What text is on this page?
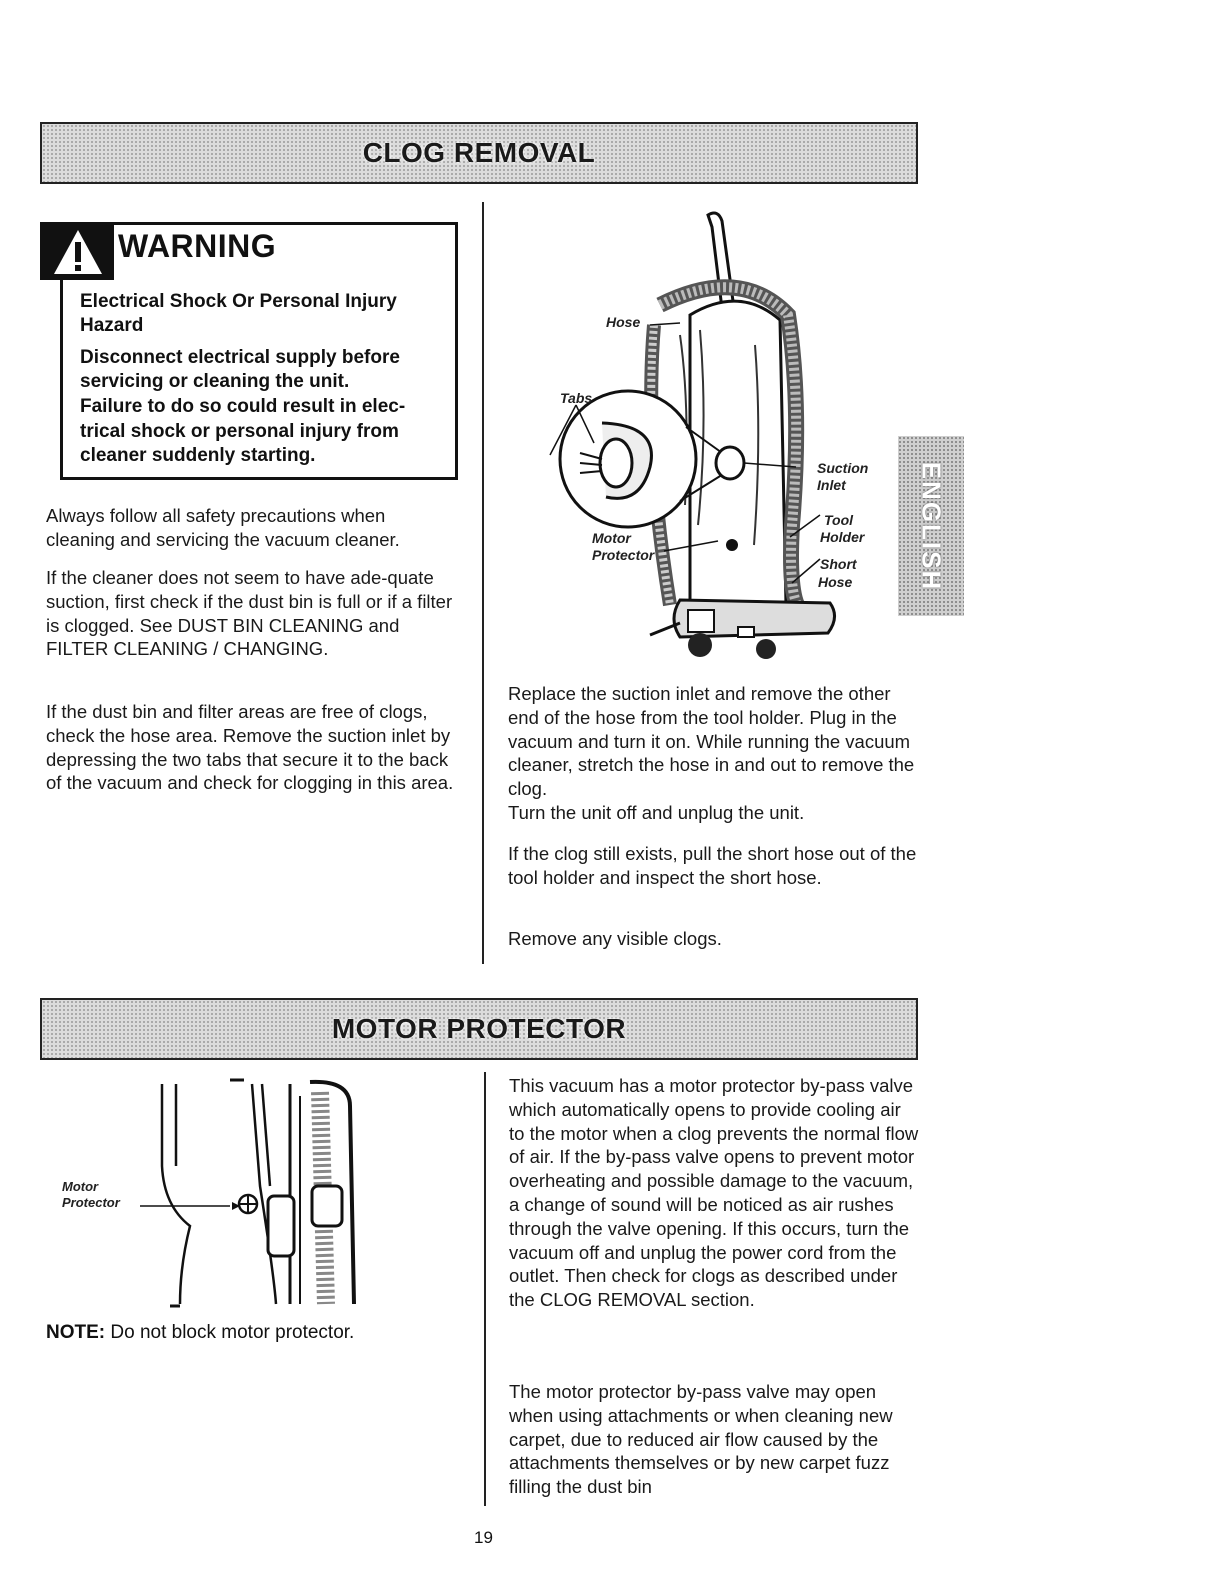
CLOG REMOVAL
WARNING
Electrical Shock Or Personal Injury
Hazard
Disconnect electrical supply before
servicing or cleaning the unit.
Failure to do so could result in elec-
trical shock or personal injury from
cleaner suddenly starting.

Always follow all safety precautions when cleaning and servicing the vacuum cleaner.

If the cleaner does not seem to have ade-quate suction, first check if the dust bin is full or if a filter is clogged. See DUST BIN CLEANING and FILTER CLEANING / CHANGING.

If the dust bin and filter areas are free of clogs, check the hose area. Remove the suction inlet by depressing the two tabs that secure it to the back of the vacuum and check for clogging in this area.

Hose
Tabs
Suction
Inlet
Tool
Holder
Motor
Protector
Short
Hose ENGLISH

Replace the suction inlet and remove the other end of the hose from the tool holder. Plug in the vacuum and turn it on. While running the vacuum cleaner, stretch the hose in and out to remove the clog.

Turn the unit off and unplug the unit.

If the clog still exists, pull the short hose out of the tool holder and inspect the short hose.

Remove any visible clogs.

MOTOR PROTECTOR
Motor
Protector
NOTE: Do not block motor protector.

This vacuum has a motor protector by-pass valve which automatically opens to provide cooling air to the motor when a clog prevents the normal flow of air. If the by-pass valve opens to prevent motor overheating and possible damage to the vacuum, a change of sound will be noticed as air rushes through the valve opening. If this occurs, turn the vacuum off and unplug the power cord from the outlet. Then check for clogs as described under the CLOG REMOVAL section.

The motor protector by-pass valve may open when using attachments or when cleaning new carpet, due to reduced air flow caused by the attachments themselves or by new carpet fuzz filling the dust bin

19
